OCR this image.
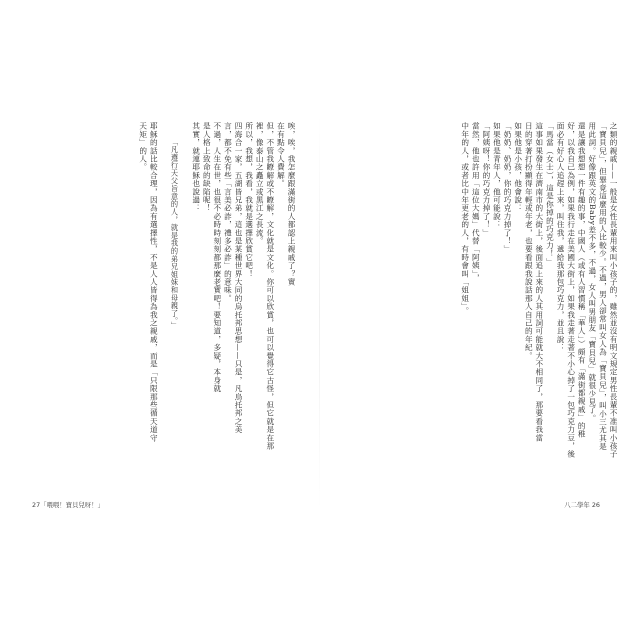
唉，唉，我怎麼跟滿街的人都認上親戚了？實
在有點令人費解。
但，不管我瞭解或不瞭解，文化就是文化。你可以欣賞，也可以覺得它古怪，但它就是在那
裡，像泰山之矗立或黑江之長流。
所以，我想，我看，我就是選擇欣賞它吧！
四海合一家，五湖皆兄弟，這也是某種世界大同的烏托邦思想——只是，凡烏托邦之美
言，都不免有些「言美必詐，禮多必詐」的意味。
不過，人生在世，也很不必時時刻刻都那麼老實吧！要知道，多疑，本身就
是人格上致命的缺陷呢！
其實，就連耶穌也說過：
「凡遵行天父旨意的人，就是我的弟兄姐妹和母親了。」
耶穌的話比較合理，因為有選擇性，不是人人皆得為我之親戚，而是「只限那些循天道守
天矩」的人。
27「喂喂！寶貝兒呀！」
之類的親戚——一般是女性長輩用來叫小孩子的，雖然並沒有明文規定男性長輩不准叫小孩子
「寶貝兒」，但畢竟這麼用的人比較少。不過，男人卻常叫女人為「寶貝兒」，叫小三尤其是
用此詞。好像跟英文的Baby差不多，不過，女人叫男朋友「寶貝兒」就很少見了。
還是讓我想想一件有趣的事，中國人（或有人習慣稱「華人」）頗有「滿街都親戚」的稚
好，以我自己為例，如果我行走在美國大街上，如果我走著走著不小心掉了一包巧克力豆，後
面必有好心人追趕上來，叫住我，遞給我那包巧克力，並且說：
「馬當（女士），這是你掉的巧克力！」
這事如果發生在濟南市的大街上，後面追上來的人其用詞可能就大不相同了，那要看我當
日的穿著打扮顯得年輕或年老，也要看跟我說話那人自己的年紀。
如果他是小孩，他會說：
「奶奶、奶奶，你的巧克力掉了！」
如果他是青年人，他可能說：
「阿姨呀！你的巧克力掉了！」
當然，他也許用「這位大媽」代替「阿姨」，
中年的人，或者比中年更老的人，有時會叫「姐姐」。
八二學年 26
